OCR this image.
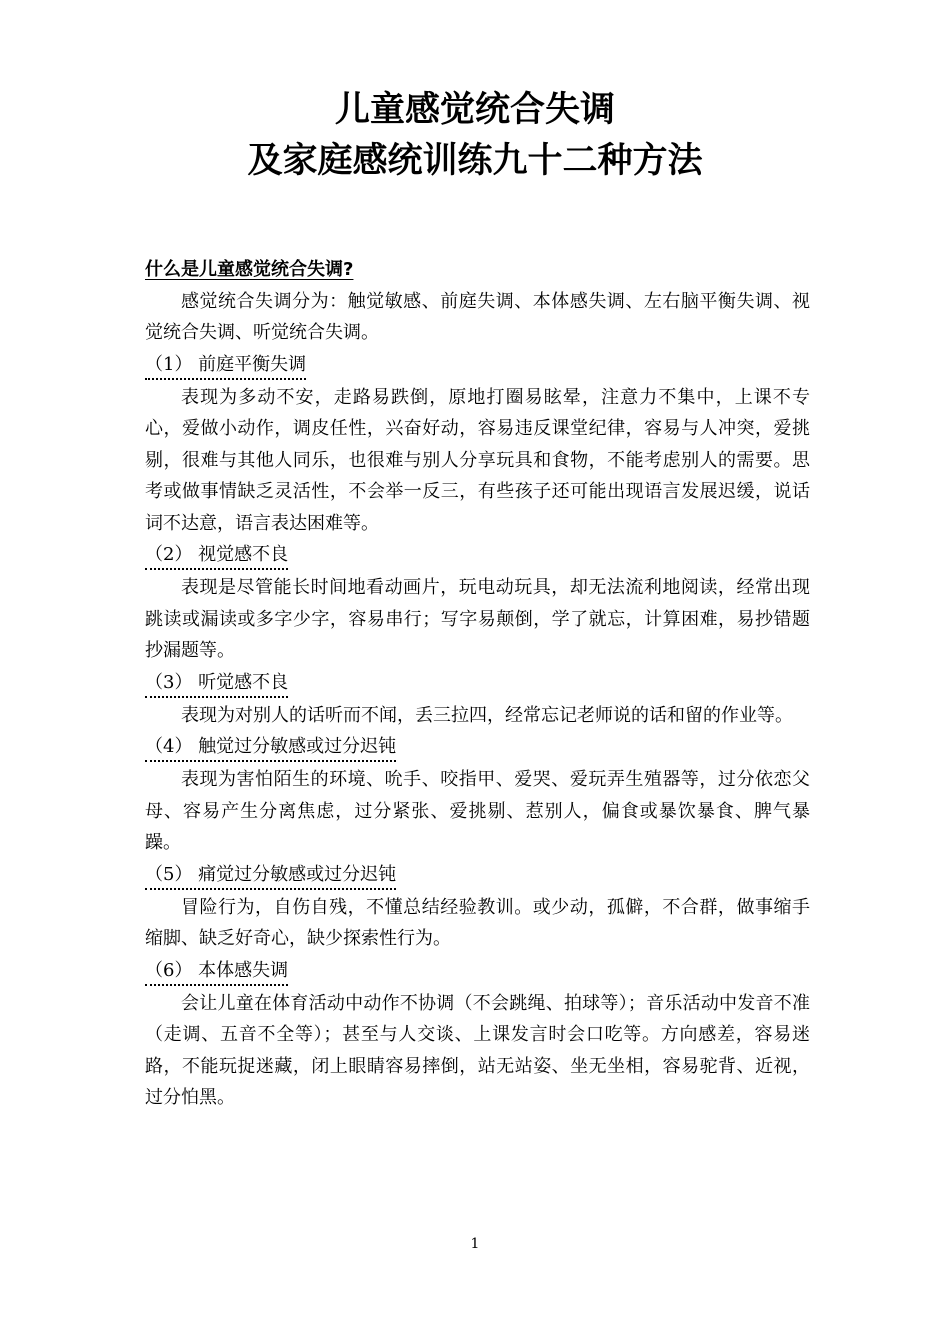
儿童感觉统合失调
及家庭感统训练九十二种方法

什么是儿童感觉统合失调?

感觉统合失调分为：触觉敏感、前庭失调、本体感失调、左右脑平衡失调、视觉统合失调、听觉统合失调。

（1） 前庭平衡失调

表现为多动不安，走路易跌倒，原地打圈易眩晕，注意力不集中，上课不专心，爱做小动作，调皮任性，兴奋好动，容易违反课堂纪律，容易与人冲突，爱挑剔，很难与其他人同乐，也很难与别人分享玩具和食物，不能考虑别人的需要。思考或做事情缺乏灵活性，不会举一反三，有些孩子还可能出现语言发展迟缓，说话词不达意，语言表达困难等。

（2） 视觉感不良

表现是尽管能长时间地看动画片，玩电动玩具，却无法流利地阅读，经常出现跳读或漏读或多字少字，容易串行；写字易颠倒，学了就忘，计算困难，易抄错题抄漏题等。

（3） 听觉感不良

表现为对别人的话听而不闻，丢三拉四，经常忘记老师说的话和留的作业等。

（4） 触觉过分敏感或过分迟钝

表现为害怕陌生的环境、吮手、咬指甲、爱哭、爱玩弄生殖器等，过分依恋父母、容易产生分离焦虑，过分紧张、爱挑剔、惹别人，偏食或暴饮暴食、脾气暴躁。

（5） 痛觉过分敏感或过分迟钝

冒险行为，自伤自残，不懂总结经验教训。或少动，孤僻，不合群，做事缩手缩脚、缺乏好奇心，缺少探索性行为。

（6） 本体感失调

会让儿童在体育活动中动作不协调（不会跳绳、拍球等）；音乐活动中发音不准（走调、五音不全等）；甚至与人交谈、上课发言时会口吃等。方向感差，容易迷路，不能玩捉迷藏，闭上眼睛容易摔倒，站无站姿、坐无坐相，容易驼背、近视，过分怕黑。

1
